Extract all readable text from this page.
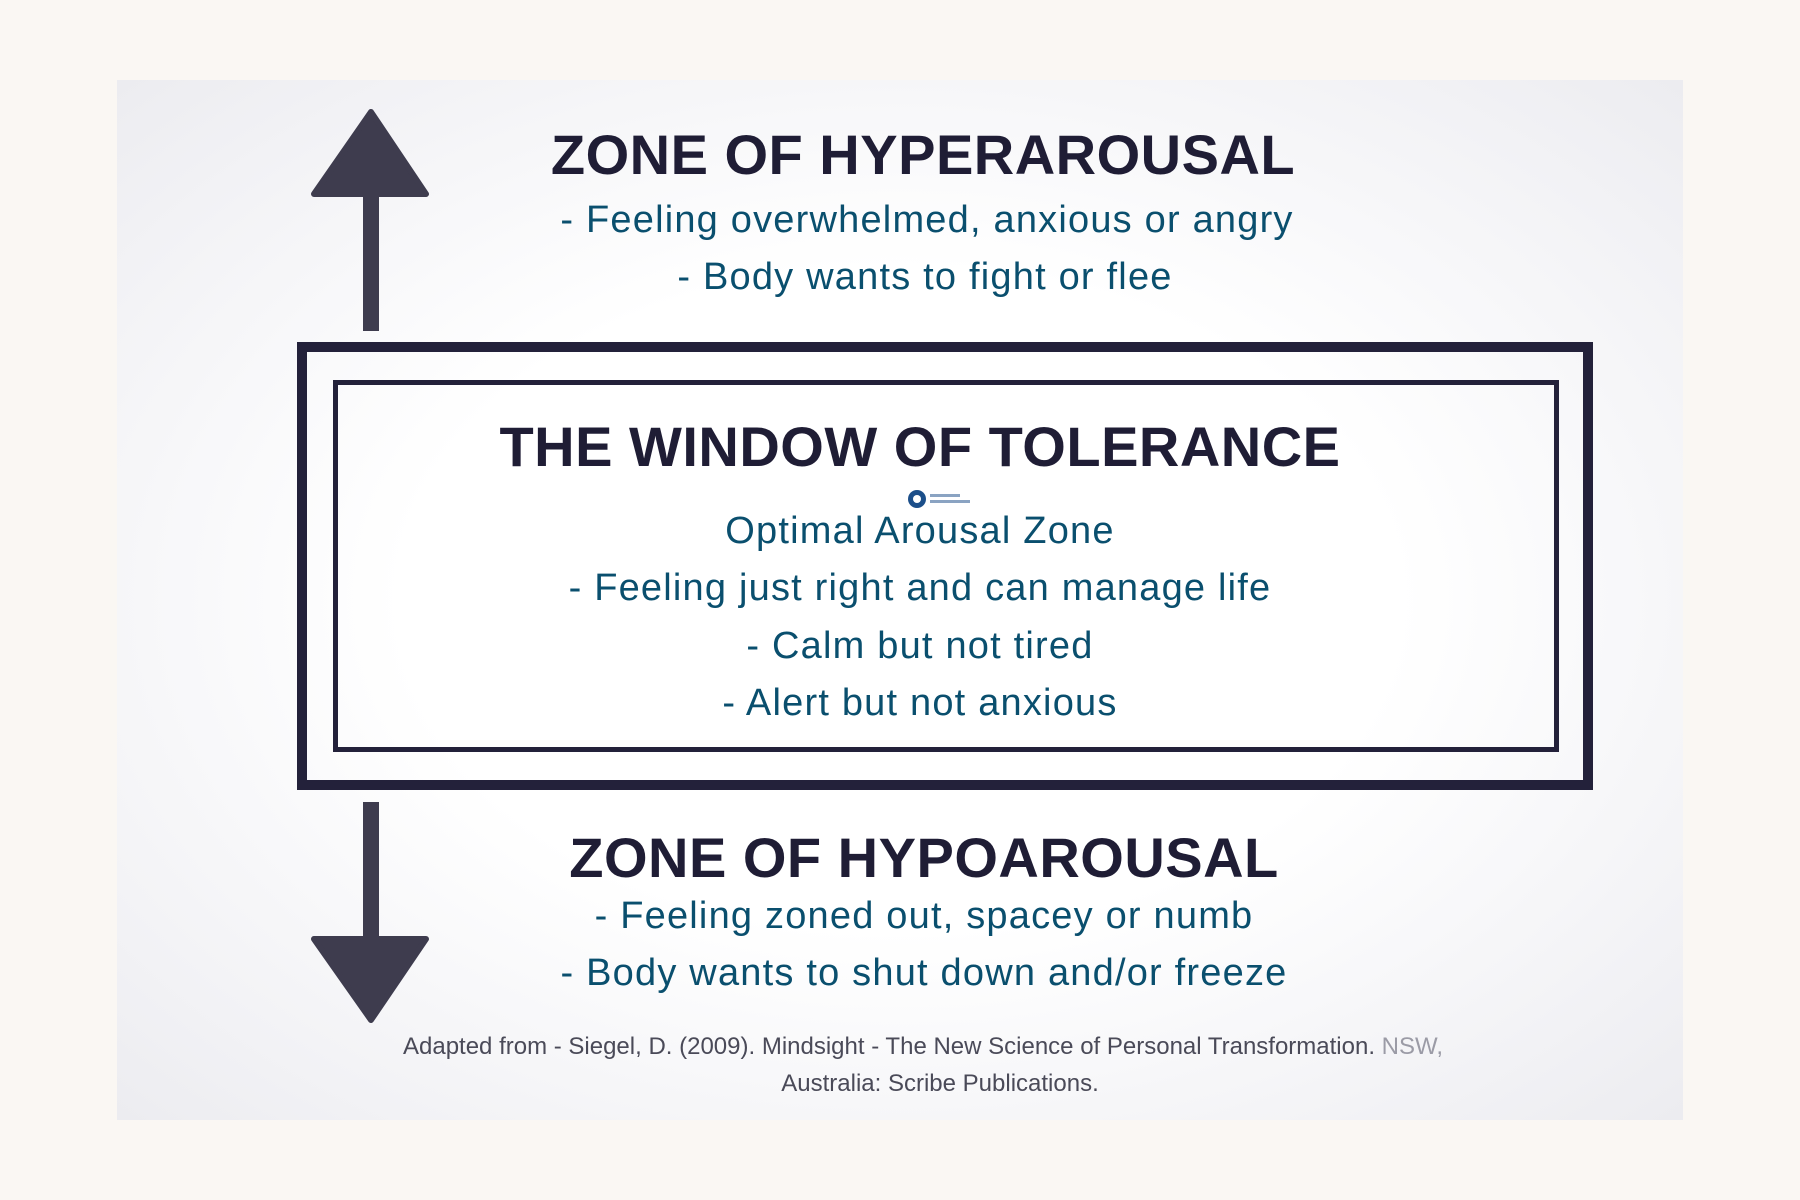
ZONE OF HYPERAROUSAL
- Feeling overwhelmed, anxious or angry
- Body wants to fight or flee
THE WINDOW OF TOLERANCE
Optimal Arousal Zone
- Feeling just right and can manage life
- Calm but not tired
- Alert but not anxious
ZONE OF HYPOAROUSAL
- Feeling zoned out, spacey or numb
- Body wants to shut down and/or freeze
Adapted from - Siegel, D. (2009). Mindsight - The New Science of Personal Transformation. NSW,
Australia: Scribe Publications.
